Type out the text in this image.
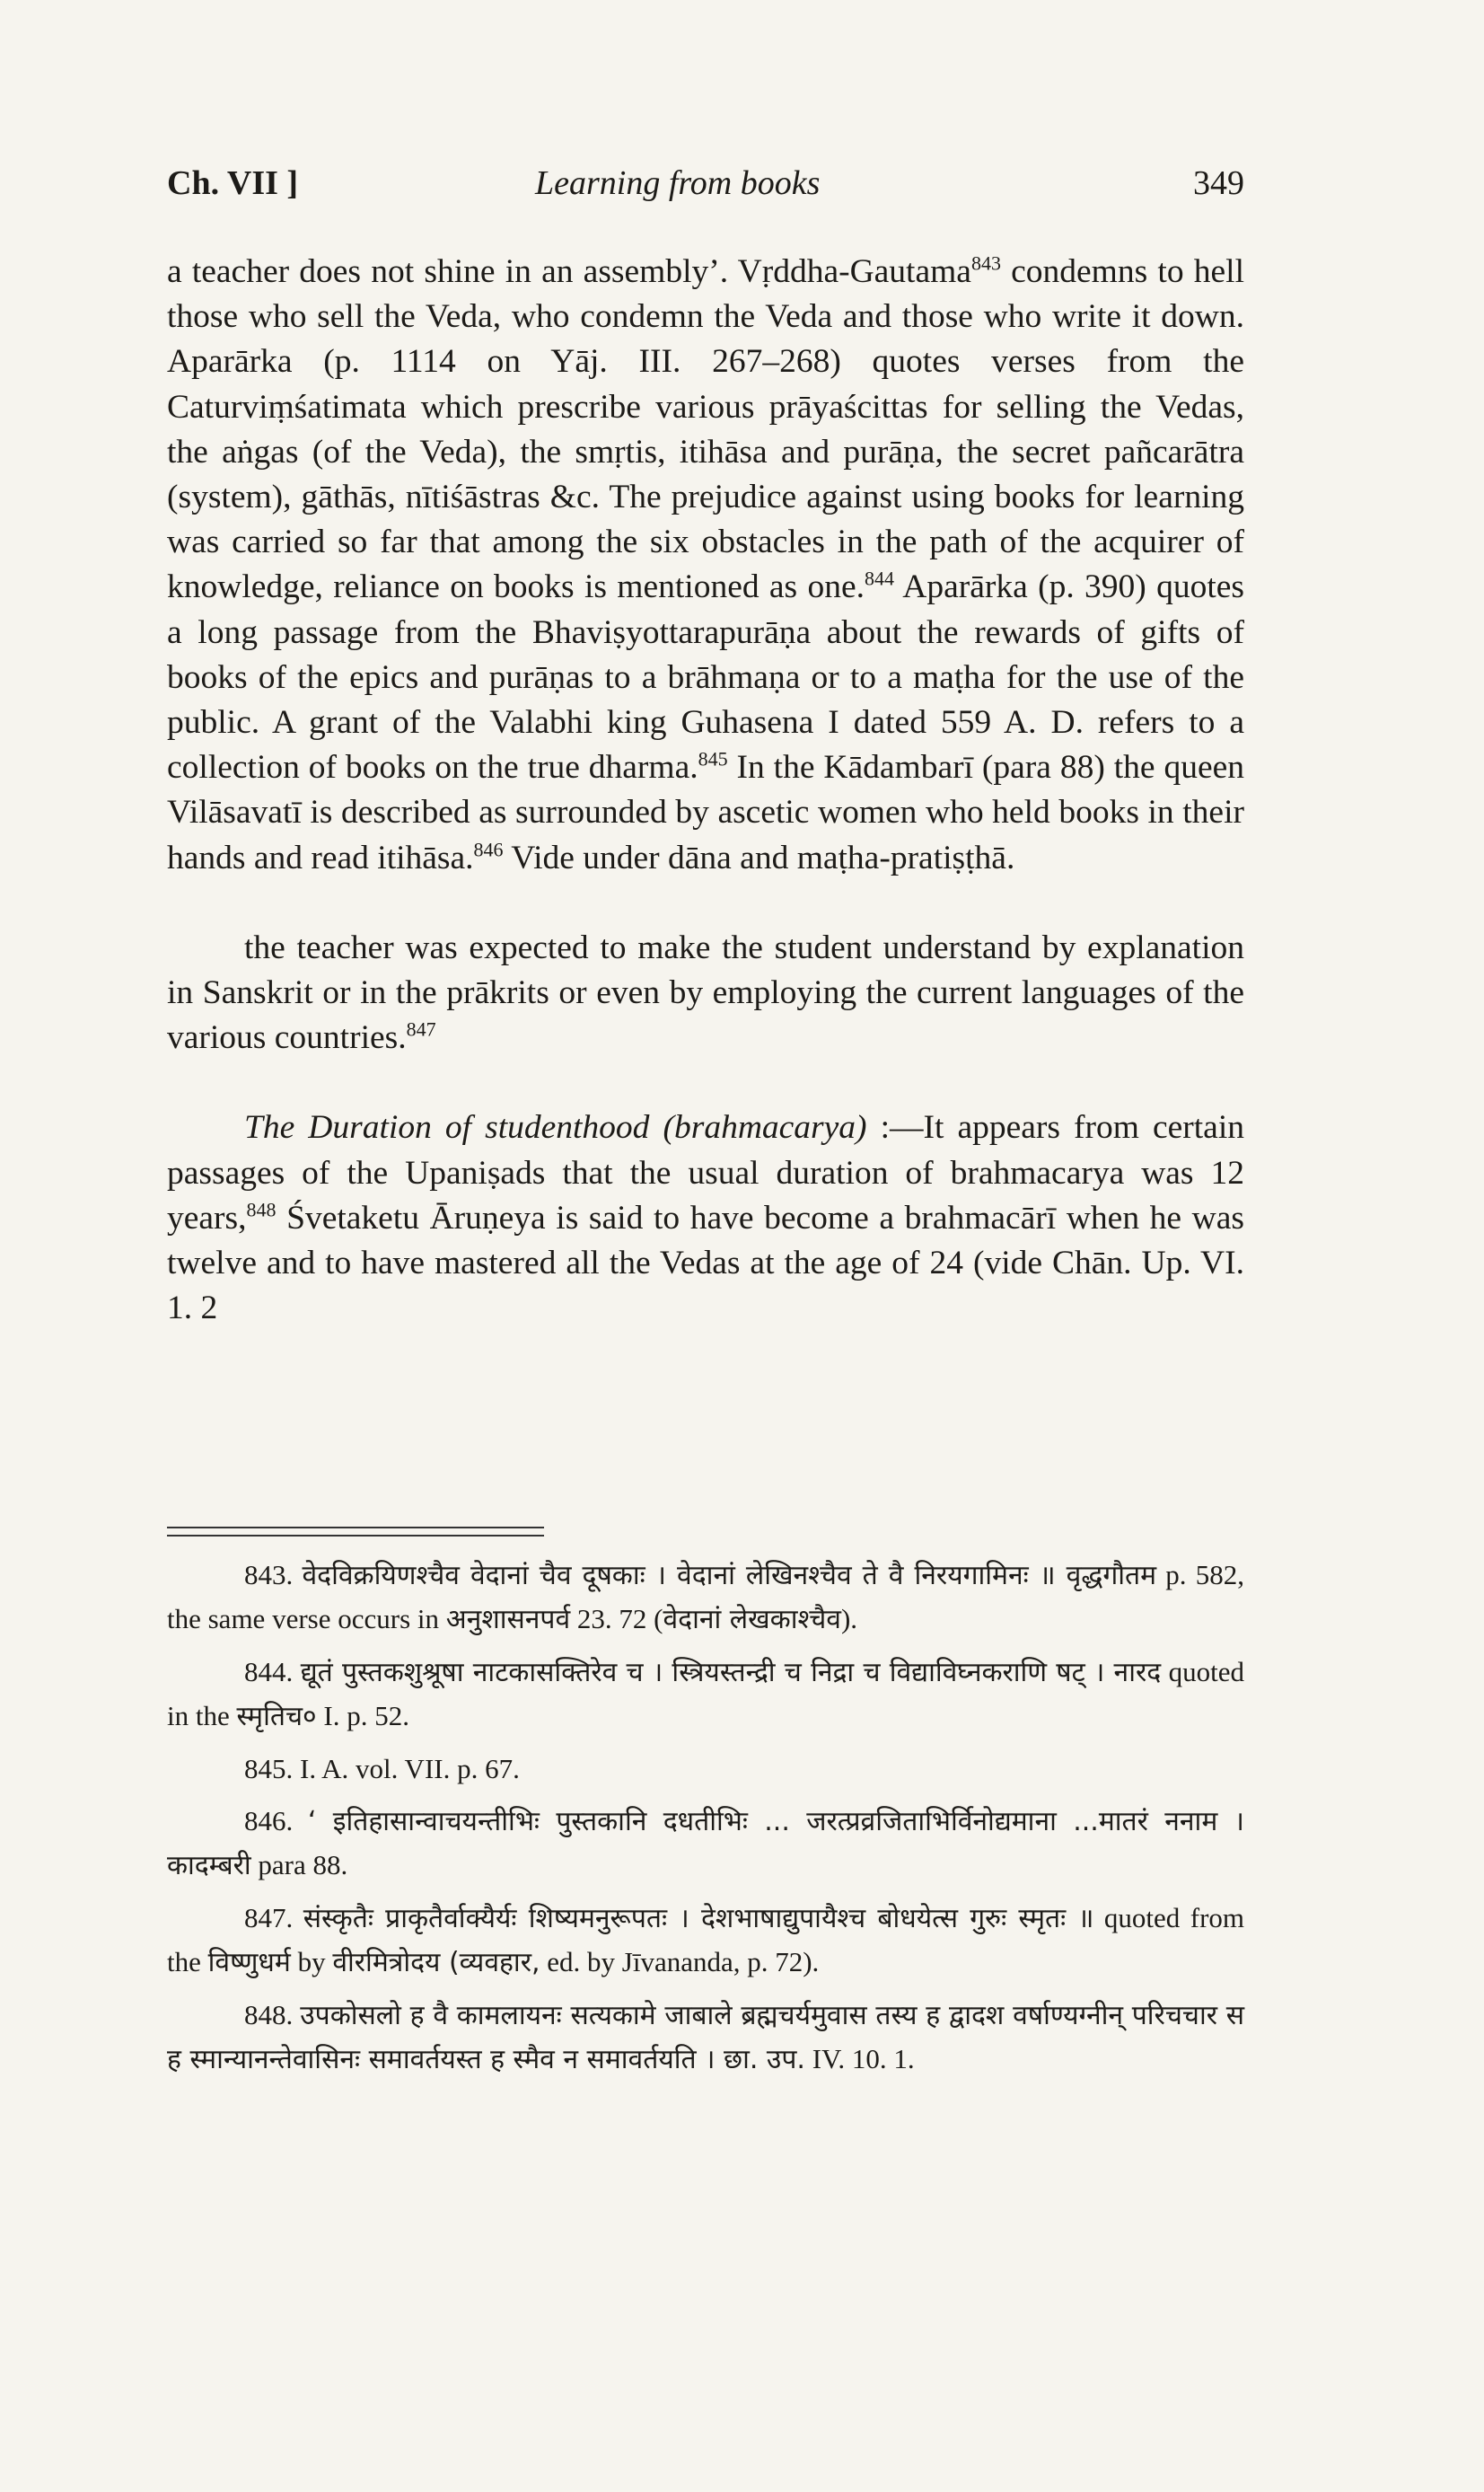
Ch. VII ]	Learning from books	349

a teacher does not shine in an assembly’. Vṛddha-Gautama$^{843}$ condemns to hell those who sell the Veda, who condemn the Veda and those who write it down. Aparārka (p. 1114 on Yāj. III. 267–268) quotes verses from the Caturviṃśatimata which prescribe various prāyaścittas for selling the Vedas, the aṅgas (of the Veda), the smṛtis, itihāsa and purāṇa, the secret pañcarātra (system), gāthās, nītiśāstras &c. The prejudice against using books for learning was carried so far that among the six obstacles in the path of the acquirer of knowledge, reliance on books is mentioned as one.$^{844}$ Aparārka (p. 390) quotes a long passage from the Bhaviṣyottarapurāṇa about the rewards of gifts of books of the epics and purāṇas to a brāhmaṇa or to a maṭha for the use of the public. A grant of the Valabhi king Guhasena I dated 559 A. D. refers to a collection of books on the true dharma.$^{845}$ In the Kādambarī (para 88) the queen Vilāsavatī is described as surrounded by ascetic women who held books in their hands and read itihāsa.$^{846}$ Vide under dāna and maṭha-pratiṣṭhā.

the teacher was expected to make the student understand by explanation in Sanskrit or in the prākrits or even by employing the current languages of the various countries.$^{847}$

The Duration of studenthood (brahmacarya) :—It appears from certain passages of the Upaniṣads that the usual duration of brahmacarya was 12 years,$^{848}$ Śvetaketu Āruṇeya is said to have become a brahmacārī when he was twelve and to have mastered all the Vedas at the age of 24 (vide Chān. Up. VI. 1. 2

843. वेदविक्रयिणश्चैव वेदानां चैव दूषकाः । वेदानां लेखिनश्चैव ते वै निरयगामिनः ॥ वृद्धगौतम p. 582, the same verse occurs in अनुशासनपर्व 23. 72 (वेदानां लेखकाश्चैव).

844. द्यूतं पुस्तकशुश्रूषा नाटकासक्तिरेव च । स्त्रियस्तन्द्री च निद्रा च विद्याविघ्नकराणि षट् । नारद quoted in the स्मृतिच० I. p. 52.

845. I. A. vol. VII. p. 67.

846. ‘ इतिहासान्वाचयन्तीभिः पुस्तकानि दधतीभिः ... जरत्प्रव्रजिताभिर्विनोद्यमाना ...मातरं ननाम । कादम्बरी para 88.

847. संस्कृतैः प्राकृतैर्वाक्यैर्यः शिष्यमनुरूपतः । देशभाषाद्युपायैश्च बोधयेत्स गुरुः स्मृतः ॥ quoted from the विष्णुधर्म by वीरमित्रोदय (व्यवहार, ed. by Jīvananda, p. 72).

848. उपकोसलो ह वै कामलायनः सत्यकामे जाबाले ब्रह्मचर्यमुवास तस्य ह द्वादश वर्षाण्यग्नीन् परिचचार स ह स्मान्यानन्तेवासिनः समावर्तयस्त ह स्मैव न समावर्तयति । छा. उप. IV. 10. 1.
